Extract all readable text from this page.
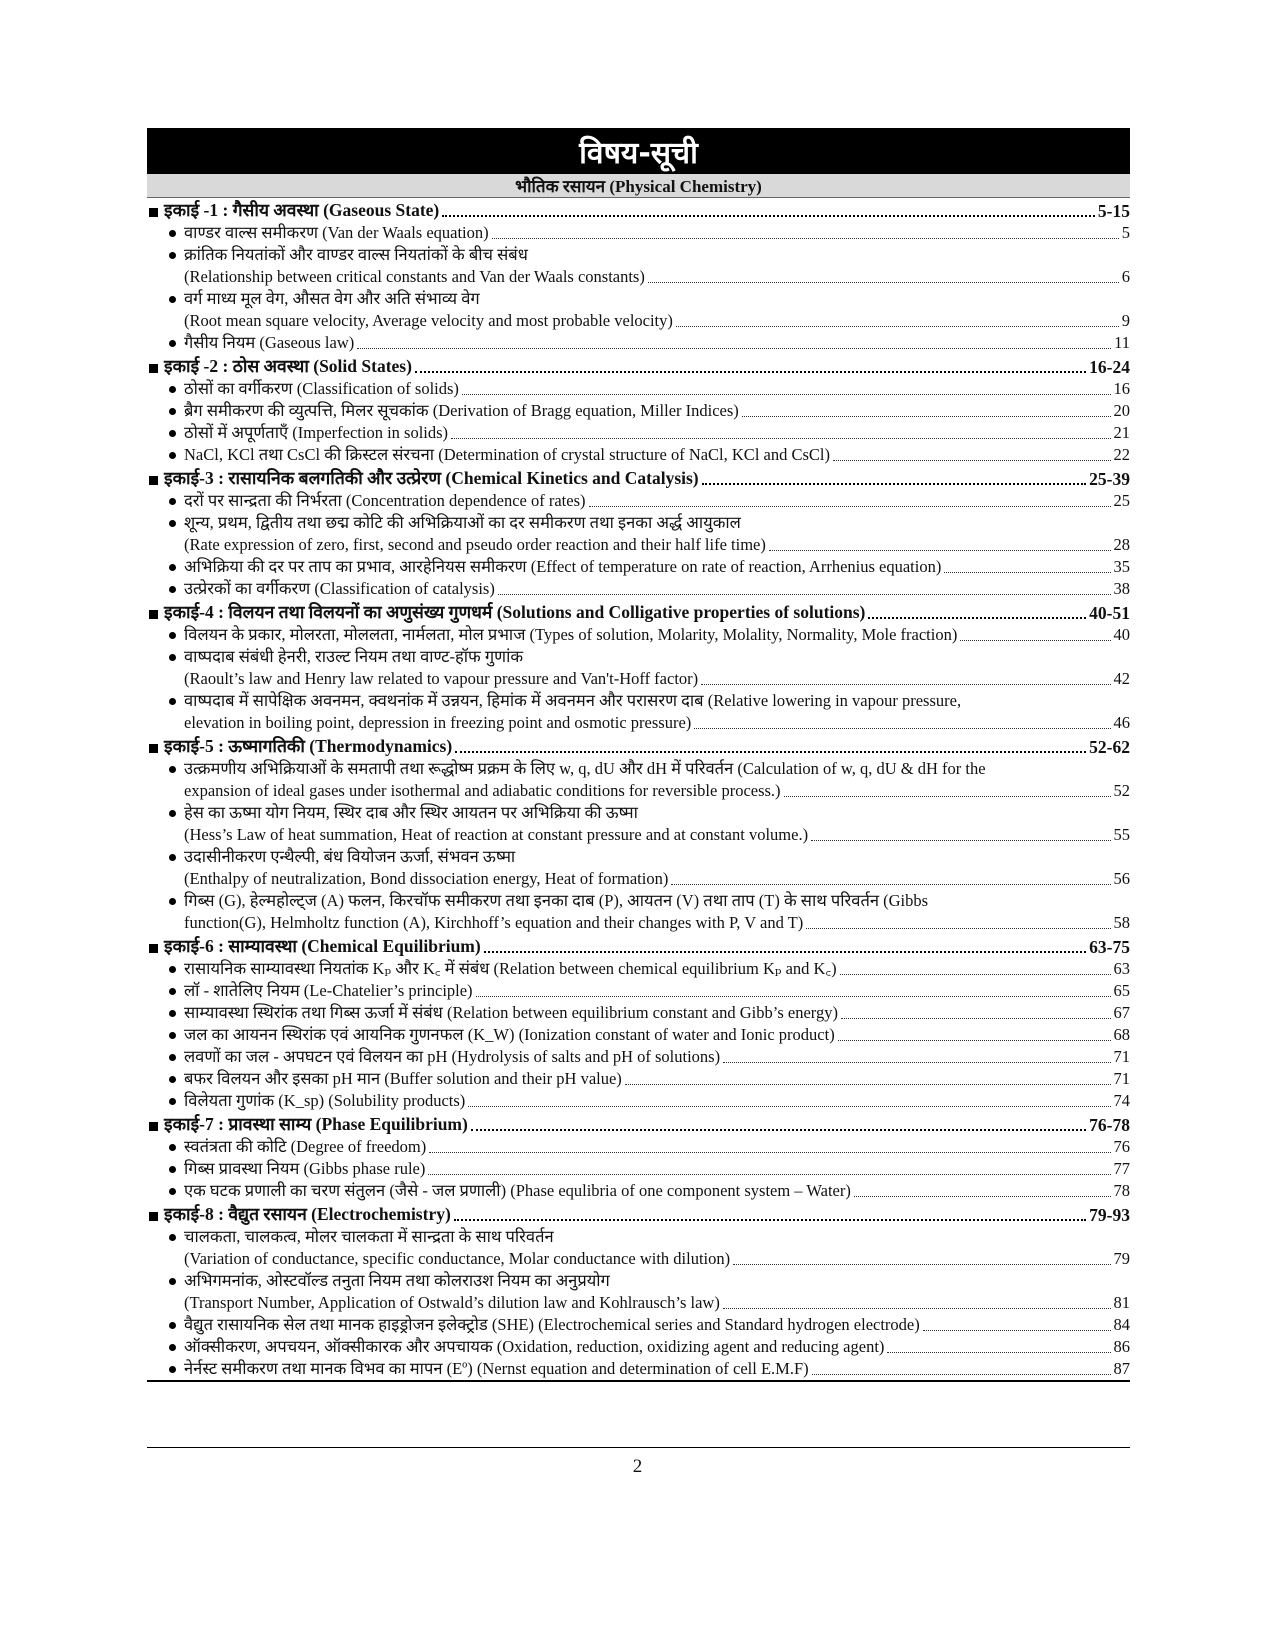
विषय-सूची
भौतिक रसायन (Physical Chemistry)
इकाई -1 : गैसीय अवस्था (Gaseous State)	5-15
वाण्डर वाल्स समीकरण (Van der Waals equation)	5
क्रांतिक नियतांकों और वाण्डर वाल्स नियतांकों के बीच संबंध
(Relationship between critical constants and Van der Waals constants)	6
वर्ग माध्य मूल वेग, औसत वेग और अति संभाव्य वेग
(Root mean square velocity, Average velocity and most probable velocity)	9
गैसीय नियम (Gaseous law)	11
इकाई -2 : ठोस अवस्था (Solid States)	16-24
ठोसों का वर्गीकरण (Classification of solids)	16
ब्रैग समीकरण की व्युत्पत्ति, मिलर सूचकांक (Derivation of Bragg equation, Miller Indices)	20
ठोसों में अपूर्णताएँ (Imperfection in solids)	21
NaCl, KCl तथा CsCl की क्रिस्टल संरचना (Determination of crystal structure of NaCl, KCl and CsCl)	22
इकाई-3 : रासायनिक बलगतिकी और उत्प्रेरण (Chemical Kinetics and Catalysis)	25-39
दरों पर सान्द्रता की निर्भरता (Concentration dependence of rates)	25
शून्य, प्रथम, द्वितीय तथा छद्म कोटि की अभिक्रियाओं का दर समीकरण तथा इनका अर्द्ध आयुकाल
(Rate expression of zero, first, second and pseudo order reaction and their half life time)	28
अभिक्रिया की दर पर ताप का प्रभाव, आरहेनियस समीकरण (Effect of temperature on rate of reaction, Arrhenius equation)	35
उत्प्रेरकों का वर्गीकरण (Classification of catalysis)	38
इकाई-4 : विलयन तथा विलयनों का अणुसंख्य गुणधर्म (Solutions and Colligative properties of solutions)	40-51
विलयन के प्रकार, मोलरता, मोललता, नार्मलता, मोल प्रभाज (Types of solution, Molarity, Molality, Normality, Mole fraction)	40
वाष्पदाब संबंधी हेनरी, राउल्ट नियम तथा वाण्ट-हॉफ गुणांक
(Raoult’s law and Henry law related to vapour pressure and Van't-Hoff factor)	42
वाष्पदाब में सापेक्षिक अवनमन, क्वथनांक में उन्नयन, हिमांक में अवनमन और परासरण दाब (Relative lowering in vapour pressure,
elevation in boiling point, depression in freezing point and osmotic pressure)	46
इकाई-5 : ऊष्मागतिकी (Thermodynamics)	52-62
उत्क्रमणीय अभिक्रियाओं के समतापी तथा रूद्धोष्म प्रक्रम के लिए w, q, dU और dH में परिवर्तन (Calculation of w, q, dU & dH for the
expansion of ideal gases under isothermal and adiabatic conditions for reversible process.)	52
हेस का ऊष्मा योग नियम, स्थिर दाब और स्थिर आयतन पर अभिक्रिया की ऊष्मा
(Hess’s Law of heat summation, Heat of reaction at constant pressure and at constant volume.)	55
उदासीनीकरण एन्थैल्पी, बंध वियोजन ऊर्जा, संभवन ऊष्मा
(Enthalpy of neutralization, Bond dissociation energy, Heat of formation)	56
गिब्स (G), हेल्महोल्ट्ज (A) फलन, किरचॉफ समीकरण तथा इनका दाब (P), आयतन (V) तथा ताप (T) के साथ परिवर्तन (Gibbs
function(G), Helmholtz function (A), Kirchhoff’s equation and their changes with P, V and T)	58
इकाई-6 : साम्यावस्था (Chemical Equilibrium)	63-75
रासायनिक साम्यावस्था नियतांक Kₚ और K꜀ में संबंध (Relation between chemical equilibrium Kₚ and K꜀)	63
लॉ - शातेलिए नियम (Le-Chatelier’s principle)	65
साम्यावस्था स्थिरांक तथा गिब्स ऊर्जा में संबंध (Relation between equilibrium constant and Gibb’s energy)	67
जल का आयनन स्थिरांक एवं आयनिक गुणनफल (K_W) (Ionization constant of water and Ionic product)	68
लवणों का जल - अपघटन एवं विलयन का pH (Hydrolysis of salts and pH of solutions)	71
बफर विलयन और इसका pH मान (Buffer solution and their pH value)	71
विलेयता गुणांक (K_sp) (Solubility products)	74
इकाई-7 : प्रावस्था साम्य (Phase Equilibrium)	76-78
स्वतंत्रता की कोटि (Degree of freedom)	76
गिब्स प्रावस्था नियम (Gibbs phase rule)	77
एक घटक प्रणाली का चरण संतुलन (जैसे - जल प्रणाली) (Phase equlibria of one component system – Water)	78
इकाई-8 : वैद्युत रसायन (Electrochemistry)	79-93
चालकता, चालकत्व, मोलर चालकता में सान्द्रता के साथ परिवर्तन
(Variation of conductance, specific conductance, Molar conductance with dilution)	79
अभिगमनांक, ओस्टवॉल्ड तनुता नियम तथा कोलराउश नियम का अनुप्रयोग
(Transport Number, Application of Ostwald’s dilution law and Kohlrausch’s law)	81
वैद्युत रासायनिक सेल तथा मानक हाइड्रोजन इलेक्ट्रोड (SHE) (Electrochemical series and Standard hydrogen electrode)	84
ऑक्सीकरण, अपचयन, ऑक्सीकारक और अपचायक (Oxidation, reduction, oxidizing agent and reducing agent)	86
नेर्नस्ट समीकरण तथा मानक विभव का मापन (Eº) (Nernst equation and determination of cell E.M.F)	87
2
